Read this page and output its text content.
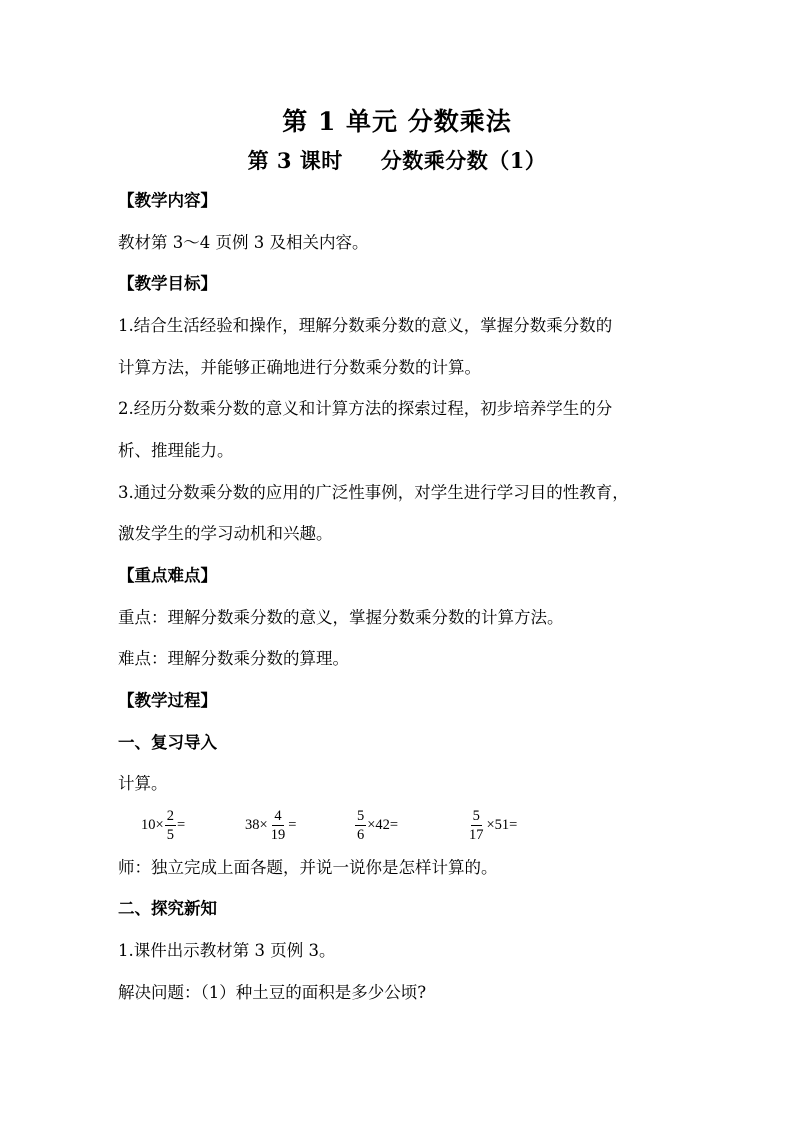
第 1 单元 分数乘法
第 3 课时 分数乘分数（1）
【教学内容】
教材第 3～4 页例 3 及相关内容。
【教学目标】
1.结合生活经验和操作，理解分数乘分数的意义，掌握分数乘分数的
计算方法，并能够正确地进行分数乘分数的计算。
2.经历分数乘分数的意义和计算方法的探索过程，初步培养学生的分
析、推理能力。
3.通过分数乘分数的应用的广泛性事例，对学生进行学习目的性教育，
激发学生的学习动机和兴趣。
【重点难点】
重点：理解分数乘分数的意义，掌握分数乘分数的计算方法。
难点：理解分数乘分数的算理。
【教学过程】
一、复习导入
计算。
$10\times \frac{2}{5}$ =	$38\times \frac{4}{19}$ =	$\frac{5}{6} \times 42=$	$\frac{5}{17} \times 51=$
师：独立完成上面各题，并说一说你是怎样计算的。
二、探究新知
1.课件出示教材第 3 页例 3。
解决问题：（1）种土豆的面积是多少公顷?
